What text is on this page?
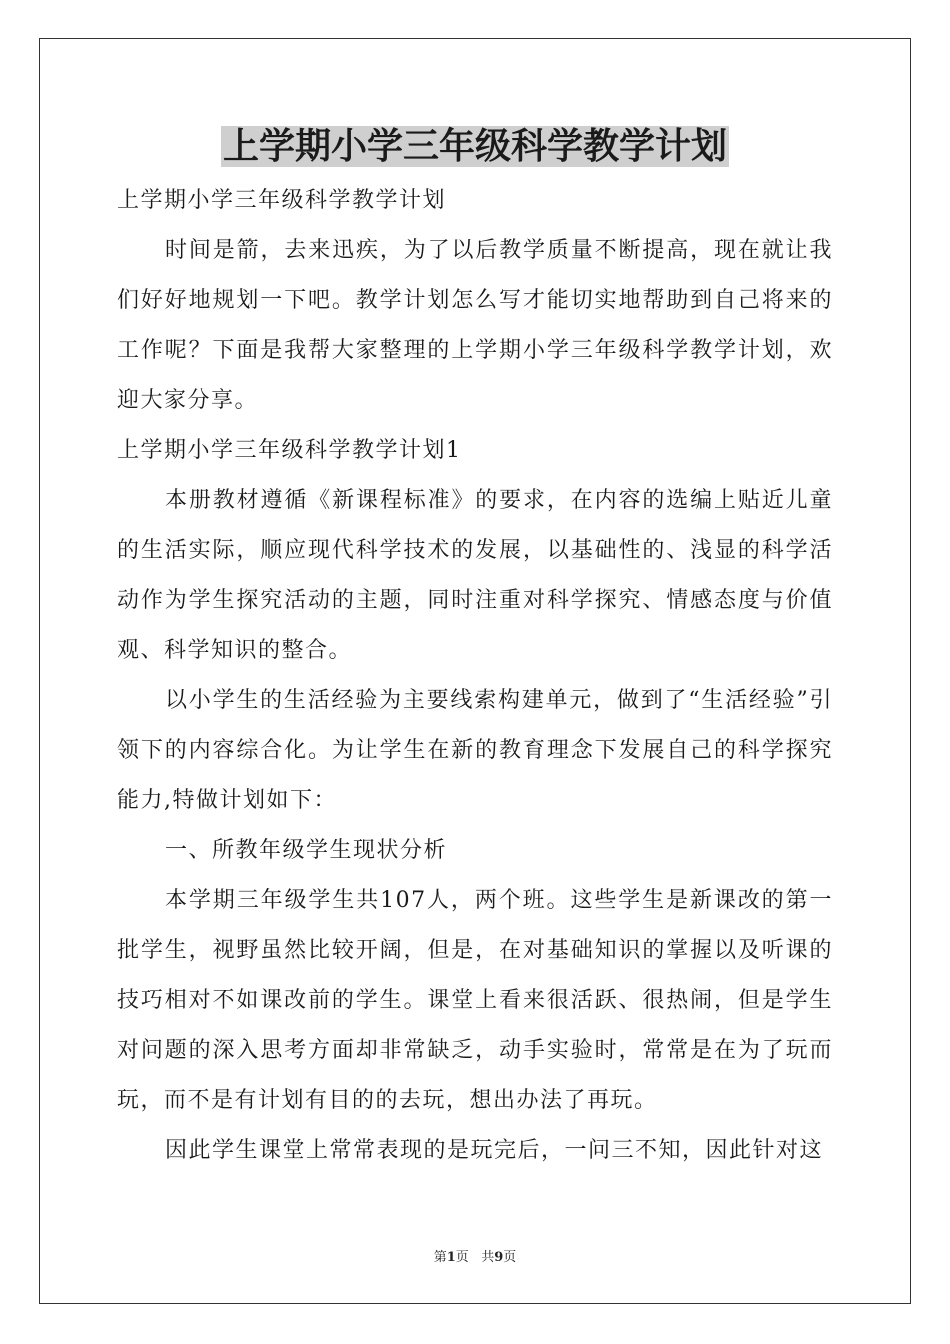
上学期小学三年级科学教学计划

上学期小学三年级科学教学计划

时间是箭，去来迅疾，为了以后教学质量不断提高，现在就让我们好好地规划一下吧。教学计划怎么写才能切实地帮助到自己将来的工作呢？下面是我帮大家整理的上学期小学三年级科学教学计划，欢迎大家分享。

上学期小学三年级科学教学计划1

本册教材遵循《新课程标准》的要求，在内容的选编上贴近儿童的生活实际，顺应现代科学技术的发展，以基础性的、浅显的科学活动作为学生探究活动的主题，同时注重对科学探究、情感态度与价值观、科学知识的整合。

以小学生的生活经验为主要线索构建单元，做到了“生活经验”引领下的内容综合化。为让学生在新的教育理念下发展自己的科学探究能力,特做计划如下：

一、所教年级学生现状分析

本学期三年级学生共107人，两个班。这些学生是新课改的第一批学生，视野虽然比较开阔，但是，在对基础知识的掌握以及听课的技巧相对不如课改前的学生。课堂上看来很活跃、很热闹，但是学生对问题的深入思考方面却非常缺乏，动手实验时，常常是在为了玩而玩，而不是有计划有目的的去玩，想出办法了再玩。

因此学生课堂上常常表现的是玩完后，一问三不知，因此针对这

第1页 共9页
